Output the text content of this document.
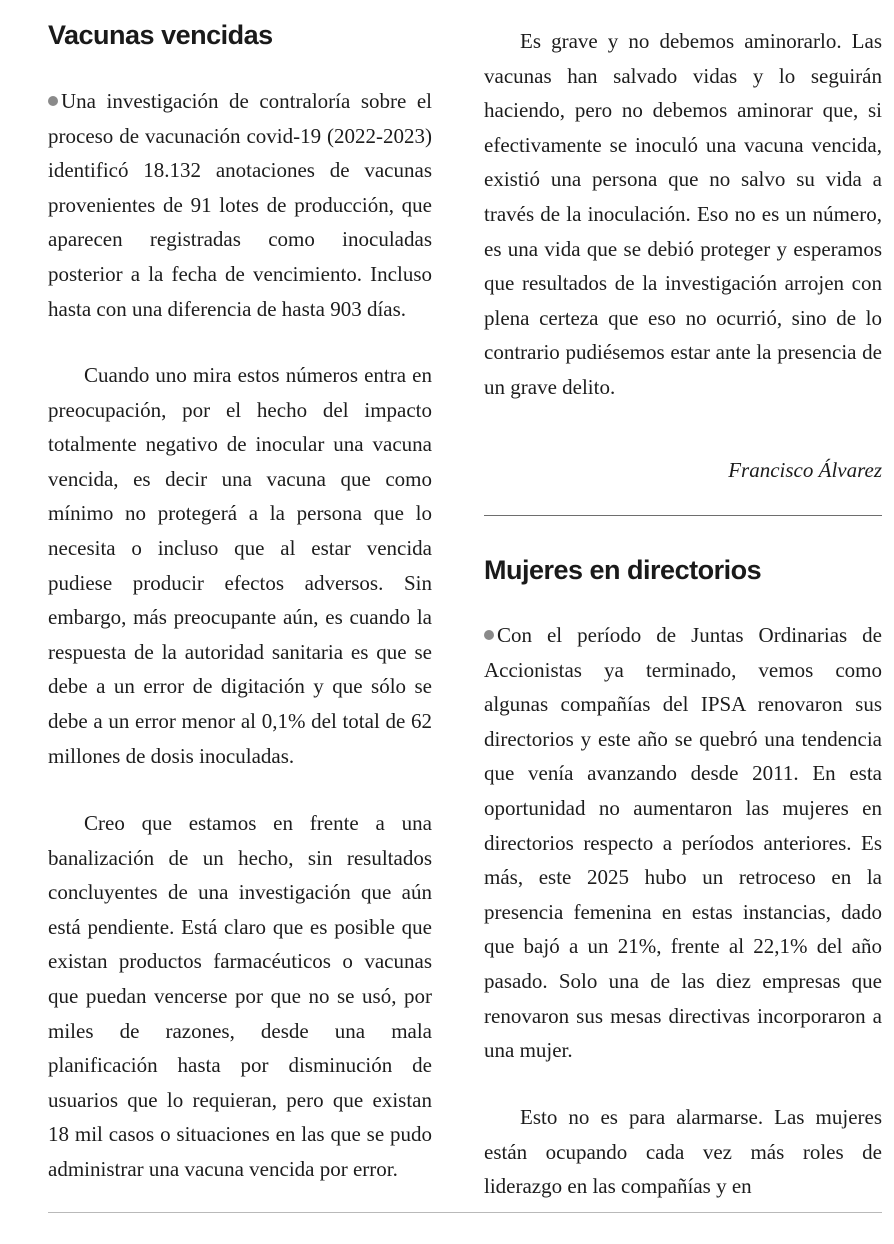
Vacunas vencidas

Una investigación de contraloría sobre el proceso de vacunación covid-19 (2022-2023) identificó 18.132 anotaciones de vacunas provenientes de 91 lotes de producción, que aparecen registradas como inoculadas posterior a la fecha de vencimiento. Incluso hasta con una diferencia de hasta 903 días.

Cuando uno mira estos números entra en preocupación, por el hecho del impacto totalmente negativo de inocular una vacuna vencida, es decir una vacuna que como mínimo no protegerá a la persona que lo necesita o incluso que al estar vencida pudiese producir efectos adversos. Sin embargo, más preocupante aún, es cuando la respuesta de la autoridad sanitaria es que se debe a un error de digitación y que sólo se debe a un error menor al 0,1% del total de 62 millones de dosis inoculadas.

Creo que estamos en frente a una banalización de un hecho, sin resultados concluyentes de una investigación que aún está pendiente. Está claro que es posible que existan productos farmacéuticos o vacunas que puedan vencerse por que no se usó, por miles de razones, desde una mala planificación hasta por disminución de usuarios que lo requieran, pero que existan 18 mil casos o situaciones en las que se pudo administrar una vacuna vencida por error.

Es grave y no debemos aminorarlo. Las vacunas han salvado vidas y lo seguirán haciendo, pero no debemos aminorar que, si efectivamente se inoculó una vacuna vencida, existió una persona que no salvo su vida a través de la inoculación. Eso no es un número, es una vida que se debió proteger y esperamos que resultados de la investigación arrojen con plena certeza que eso no ocurrió, sino de lo contrario pudiésemos estar ante la presencia de un grave delito.

Francisco Álvarez

Mujeres en directorios

Con el período de Juntas Ordinarias de Accionistas ya terminado, vemos como algunas compañías del IPSA renovaron sus directorios y este año se quebró una tendencia que venía avanzando desde 2011. En esta oportunidad no aumentaron las mujeres en directorios respecto a períodos anteriores. Es más, este 2025 hubo un retroceso en la presencia femenina en estas instancias, dado que bajó a un 21%, frente al 22,1% del año pasado. Solo una de las diez empresas que renovaron sus mesas directivas incorporaron a una mujer.

Esto no es para alarmarse. Las mujeres están ocupando cada vez más roles de liderazgo en las compañías y en
